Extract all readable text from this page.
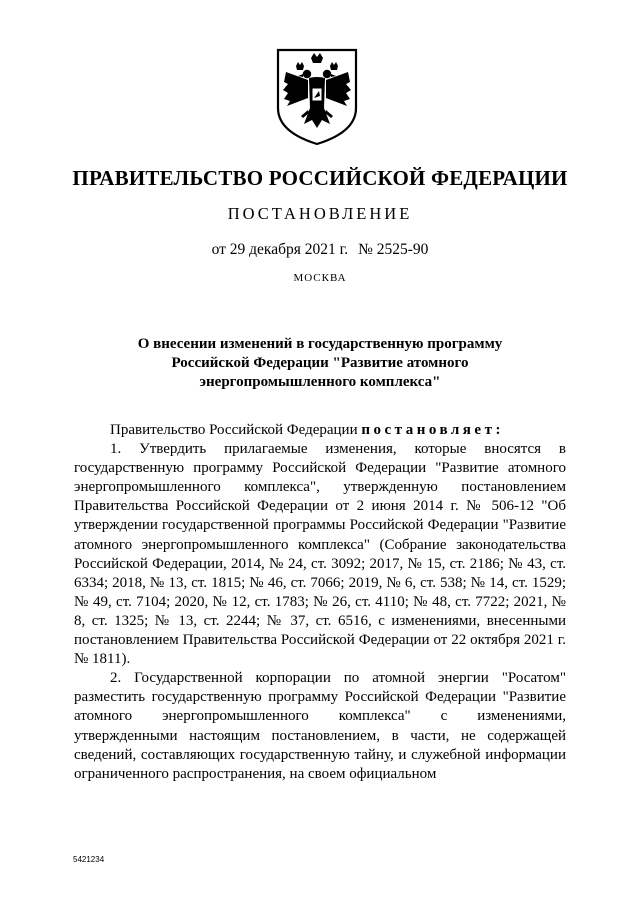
ПРАВИТЕЛЬСТВО РОССИЙСКОЙ ФЕДЕРАЦИИ
ПОСТАНОВЛЕНИЕ
от 29 декабря 2021 г. № 2525-90
МОСКВА
О внесении изменений в государственную программу
Российской Федерации "Развитие атомного
энергопромышленного комплекса"

Правительство Российской Федерации постановляет:

1. Утвердить прилагаемые изменения, которые вносятся в государственную программу Российской Федерации "Развитие атомного энергопромышленного комплекса", утвержденную постановлением Правительства Российской Федерации от 2 июня 2014 г. № 506-12 "Об утверждении государственной программы Российской Федерации "Развитие атомного энергопромышленного комплекса" (Собрание законодательства Российской Федерации, 2014, № 24, ст. 3092; 2017, № 15, ст. 2186; № 43, ст. 6334; 2018, № 13, ст. 1815; № 46, ст. 7066; 2019, № 6, ст. 538; № 14, ст. 1529; № 49, ст. 7104; 2020, № 12, ст. 1783; № 26, ст. 4110; № 48, ст. 7722; 2021, № 8, ст. 1325; № 13, ст. 2244; № 37, ст. 6516, с изменениями, внесенными постановлением Правительства Российской Федерации от 22 октября 2021 г. № 1811).

2. Государственной корпорации по атомной энергии "Росатом" разместить государственную программу Российской Федерации "Развитие атомного энергопромышленного комплекса" с изменениями, утвержденными настоящим постановлением, в части, не содержащей сведений, составляющих государственную тайну, и служебной информации ограниченного распространения, на своем официальном

5421234
